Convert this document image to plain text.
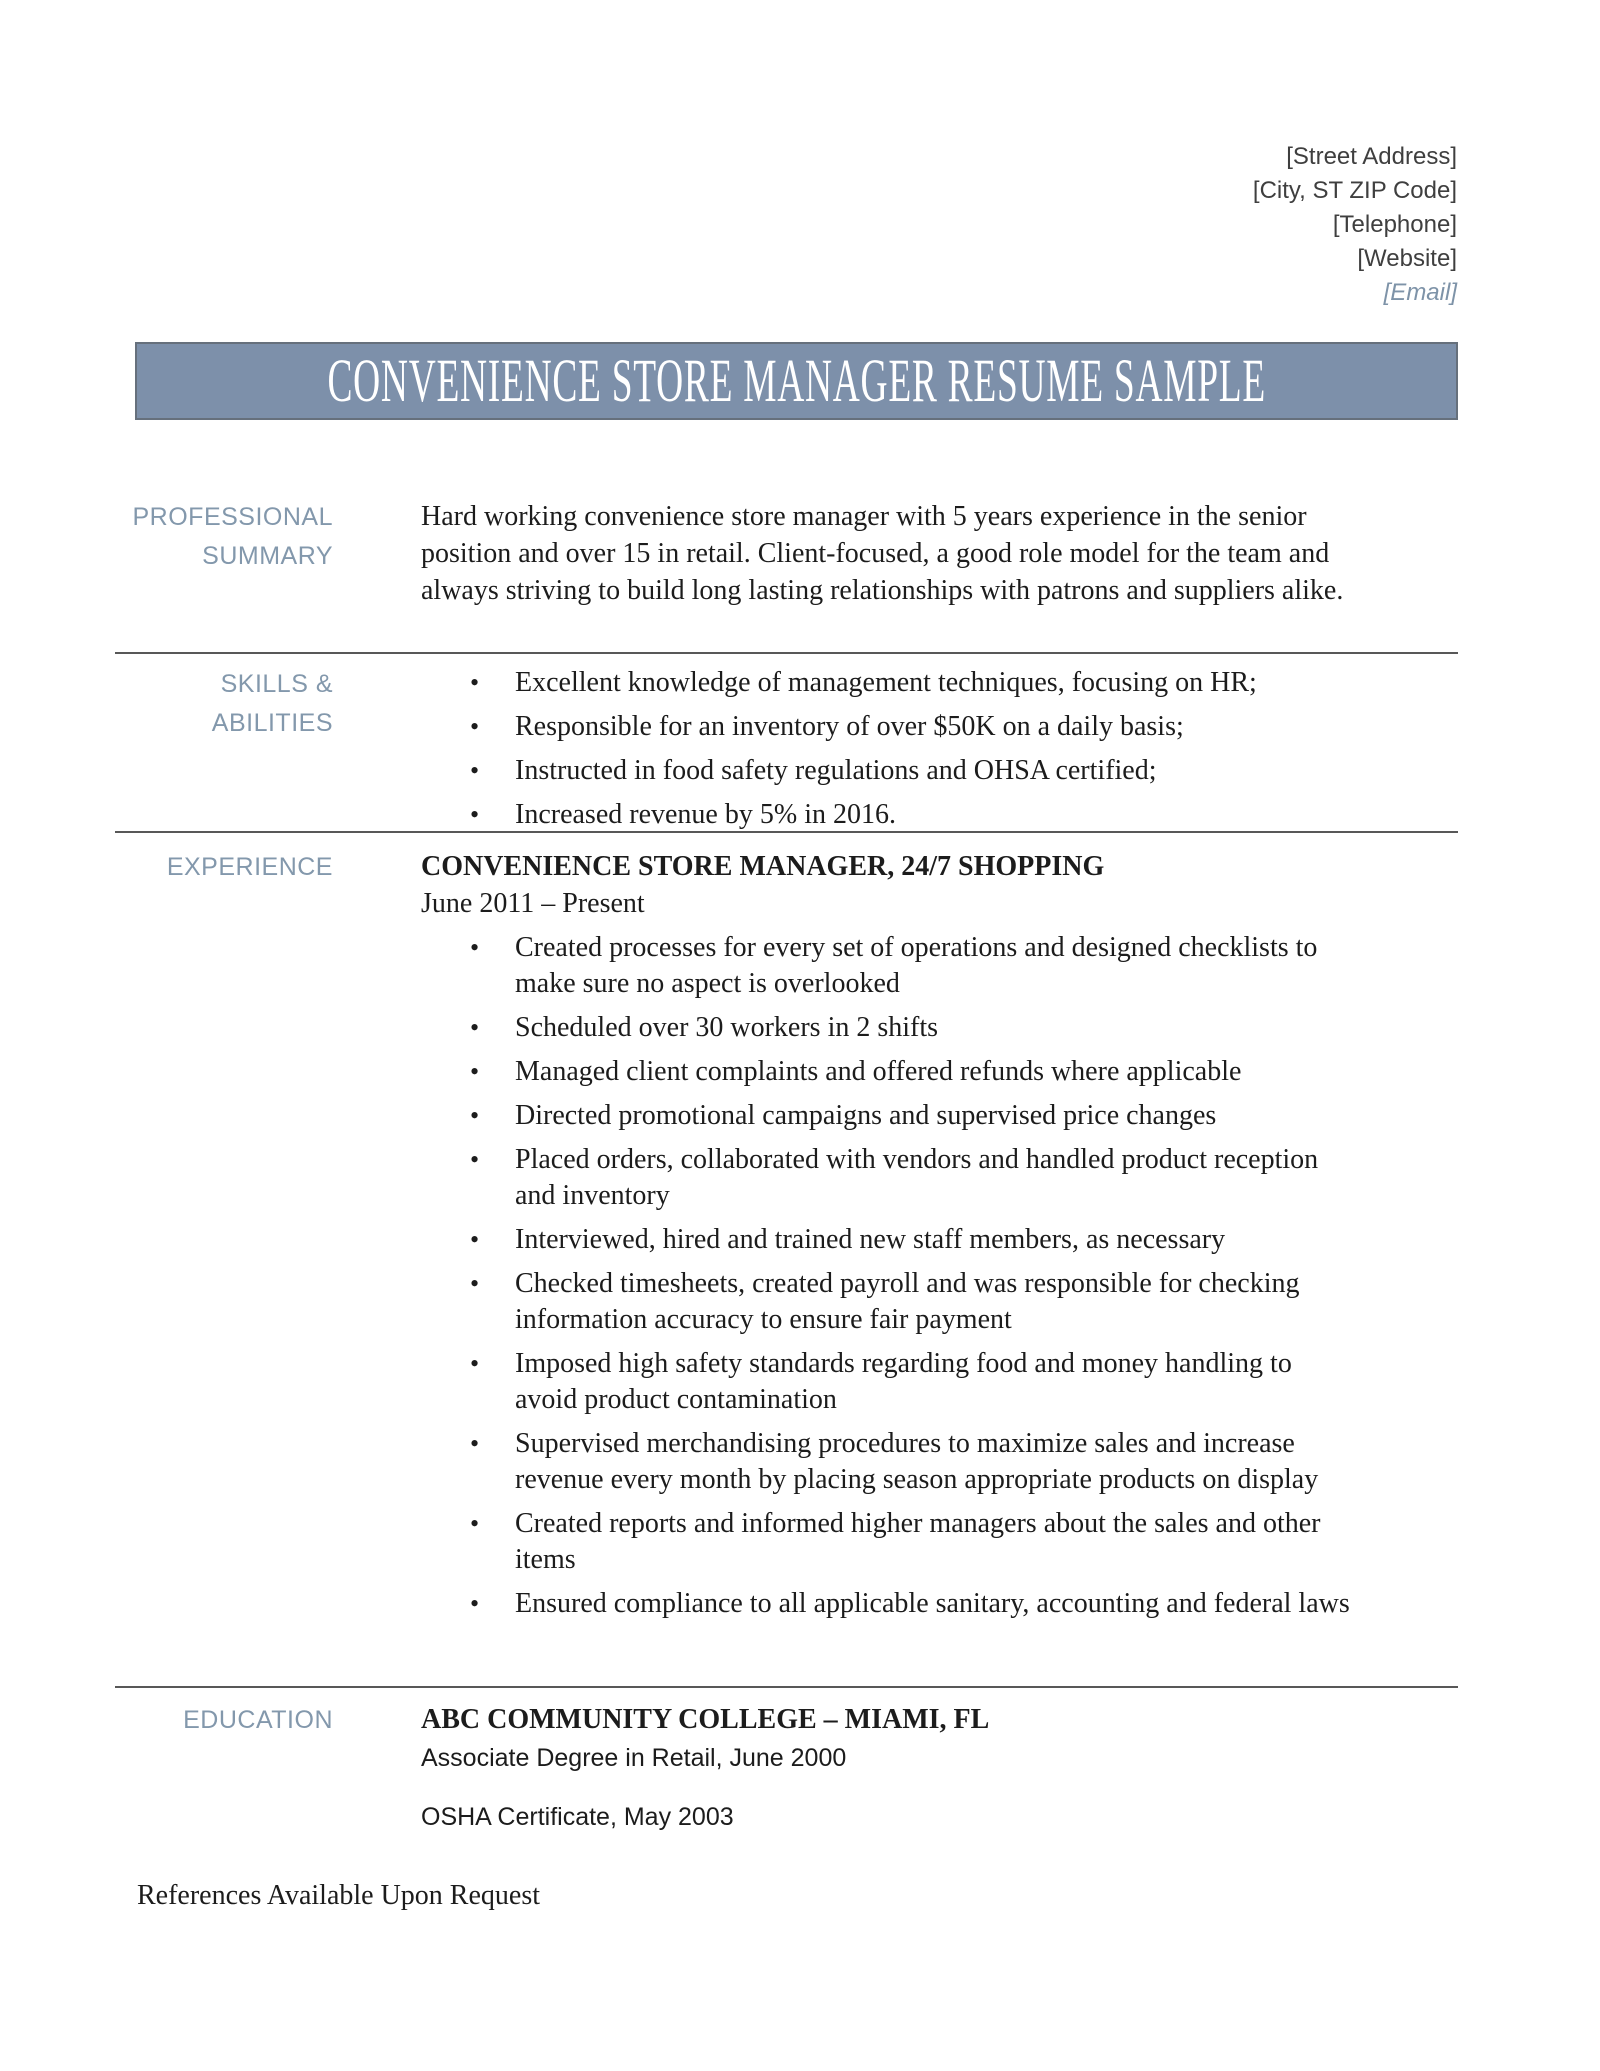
[Street Address]
[City, ST ZIP Code]
[Telephone]
[Website]
[Email]
CONVENIENCE STORE MANAGER RESUME SAMPLE
PROFESSIONAL
SUMMARY
Hard working convenience store manager with 5 years experience in the senior position and over 15 in retail. Client-focused, a good role model for the team and always striving to build long lasting relationships with patrons and suppliers alike.
SKILLS & ABILITIES
•
Excellent knowledge of management techniques, focusing on HR;
•
Responsible for an inventory of over $50K on a daily basis;
•
Instructed in food safety regulations and OHSA certified;
•
Increased revenue by 5% in 2016.
EXPERIENCE	CONVENIENCE STORE MANAGER, 24/7 SHOPPING
June 2011 – Present
•
Created processes for every set of operations and designed checklists to make sure no aspect is overlooked
•
Scheduled over 30 workers in 2 shifts
•
Managed client complaints and offered refunds where applicable
•
Directed promotional campaigns and supervised price changes
•
Placed orders, collaborated with vendors and handled product reception and inventory
•
Interviewed, hired and trained new staff members, as necessary
•
Checked timesheets, created payroll and was responsible for checking information accuracy to ensure fair payment
•
Imposed high safety standards regarding food and money handling to avoid product contamination
•
Supervised merchandising procedures to maximize sales and increase revenue every month by placing season appropriate products on display
•
Created reports and informed higher managers about the sales and other items
•
Ensured compliance to all applicable sanitary, accounting and federal laws
EDUCATION	ABC COMMUNITY COLLEGE – MIAMI, FL
Associate Degree in Retail, June 2000
OSHA Certificate, May 2003
References Available Upon Request
